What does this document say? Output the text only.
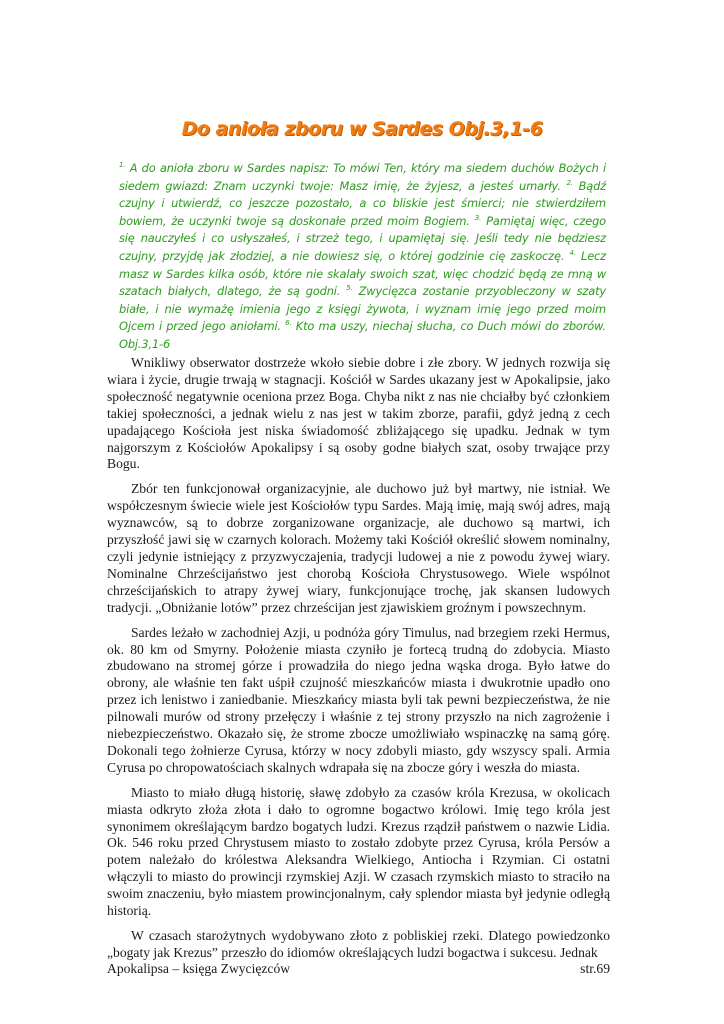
Do anioła zboru w Sardes Obj.3,1-6
$^{1.}$ A do anioła zboru w Sardes napisz: To mówi Ten, który ma siedem duchów Bożych i siedem gwiazd: Znam uczynki twoje: Masz imię, że żyjesz, a jesteś umarły. $^{2.}$ Bądź czujny i utwierdź, co jeszcze pozostało, a co bliskie jest śmierci; nie stwierdziłem bowiem, że uczynki twoje są doskonałe przed moim Bogiem. $^{3.}$ Pamiętaj więc, czego się nauczyłeś i co usłyszałeś, i strzeż tego, i upamiętaj się. Jeśli tedy nie będziesz czujny, przyjdę jak złodziej, a nie dowiesz się, o której godzinie cię zaskoczę. $^{4.}$ Lecz masz w Sardes kilka osób, które nie skalały swoich szat, więc chodzić będą ze mną w szatach białych, dlatego, że są godni. $^{5.}$ Zwycięzca zostanie przyobleczony w szaty białe, i nie wymażę imienia jego z księgi żywota, i wyznam imię jego przed moim Ojcem i przed jego aniołami. $^{6.}$ Kto ma uszy, niechaj słucha, co Duch mówi do zborów. Obj.3,1-6

Wnikliwy obserwator dostrzeże wkoło siebie dobre i złe zbory. W jednych rozwija się wiara i życie, drugie trwają w stagnacji. Kościół w Sardes ukazany jest w Apokalipsie, jako społeczność negatywnie oceniona przez Boga. Chyba nikt z nas nie chciałby być członkiem takiej społeczności, a jednak wielu z nas jest w takim zborze, parafii, gdyż jedną z cech upadającego Kościoła jest niska świadomość zbliżającego się upadku. Jednak w tym najgorszym z Kościołów Apokalipsy i są osoby godne białych szat, osoby trwające przy Bogu.

Zbór ten funkcjonował organizacyjnie, ale duchowo już był martwy, nie istniał. We współczesnym świecie wiele jest Kościołów typu Sardes. Mają imię, mają swój adres, mają wyznawców, są to dobrze zorganizowane organizacje, ale duchowo są martwi, ich przyszłość jawi się w czarnych kolorach. Możemy taki Kościół określić słowem nominalny, czyli jedynie istniejący z przyzwyczajenia, tradycji ludowej a nie z powodu żywej wiary. Nominalne Chrześcijaństwo jest chorobą Kościoła Chrystusowego. Wiele wspólnot chrześcijańskich to atrapy żywej wiary, funkcjonujące trochę, jak skansen ludowych tradycji. „Obniżanie lotów” przez chrześcijan jest zjawiskiem groźnym i powszechnym.

Sardes leżało w zachodniej Azji, u podnóża góry Timulus, nad brzegiem rzeki Hermus, ok. 80 km od Smyrny. Położenie miasta czyniło je fortecą trudną do zdobycia. Miasto zbudowano na stromej górze i prowadziła do niego jedna wąska droga. Było łatwe do obrony, ale właśnie ten fakt uśpił czujność mieszkańców miasta i dwukrotnie upadło ono przez ich lenistwo i zaniedbanie. Mieszkańcy miasta byli tak pewni bezpieczeństwa, że nie pilnowali murów od strony przełęczy i właśnie z tej strony przyszło na nich zagrożenie i niebezpieczeństwo. Okazało się, że strome zbocze umożliwiało wspinaczkę na samą górę. Dokonali tego żołnierze Cyrusa, którzy w nocy zdobyli miasto, gdy wszyscy spali. Armia Cyrusa po chropowatościach skalnych wdrapała się na zbocze góry i weszła do miasta.

Miasto to miało długą historię, sławę zdobyło za czasów króla Krezusa, w okolicach miasta odkryto złoża złota i dało to ogromne bogactwo królowi. Imię tego króla jest synonimem określającym bardzo bogatych ludzi. Krezus rządził państwem o nazwie Lidia. Ok. 546 roku przed Chrystusem miasto to zostało zdobyte przez Cyrusa, króla Persów a potem należało do królestwa Aleksandra Wielkiego, Antiocha i Rzymian. Ci ostatni włączyli to miasto do prowincji rzymskiej Azji. W czasach rzymskich miasto to straciło na swoim znaczeniu, było miastem prowincjonalnym, cały splendor miasta był jedynie odległą historią.

W czasach starożytnych wydobywano złoto z pobliskiej rzeki. Dlatego powiedzonko „bogaty jak Krezus” przeszło do idiomów określających ludzi bogactwa i sukcesu. Jednak

Apokalipsa – księga Zwycięzców	str.69
